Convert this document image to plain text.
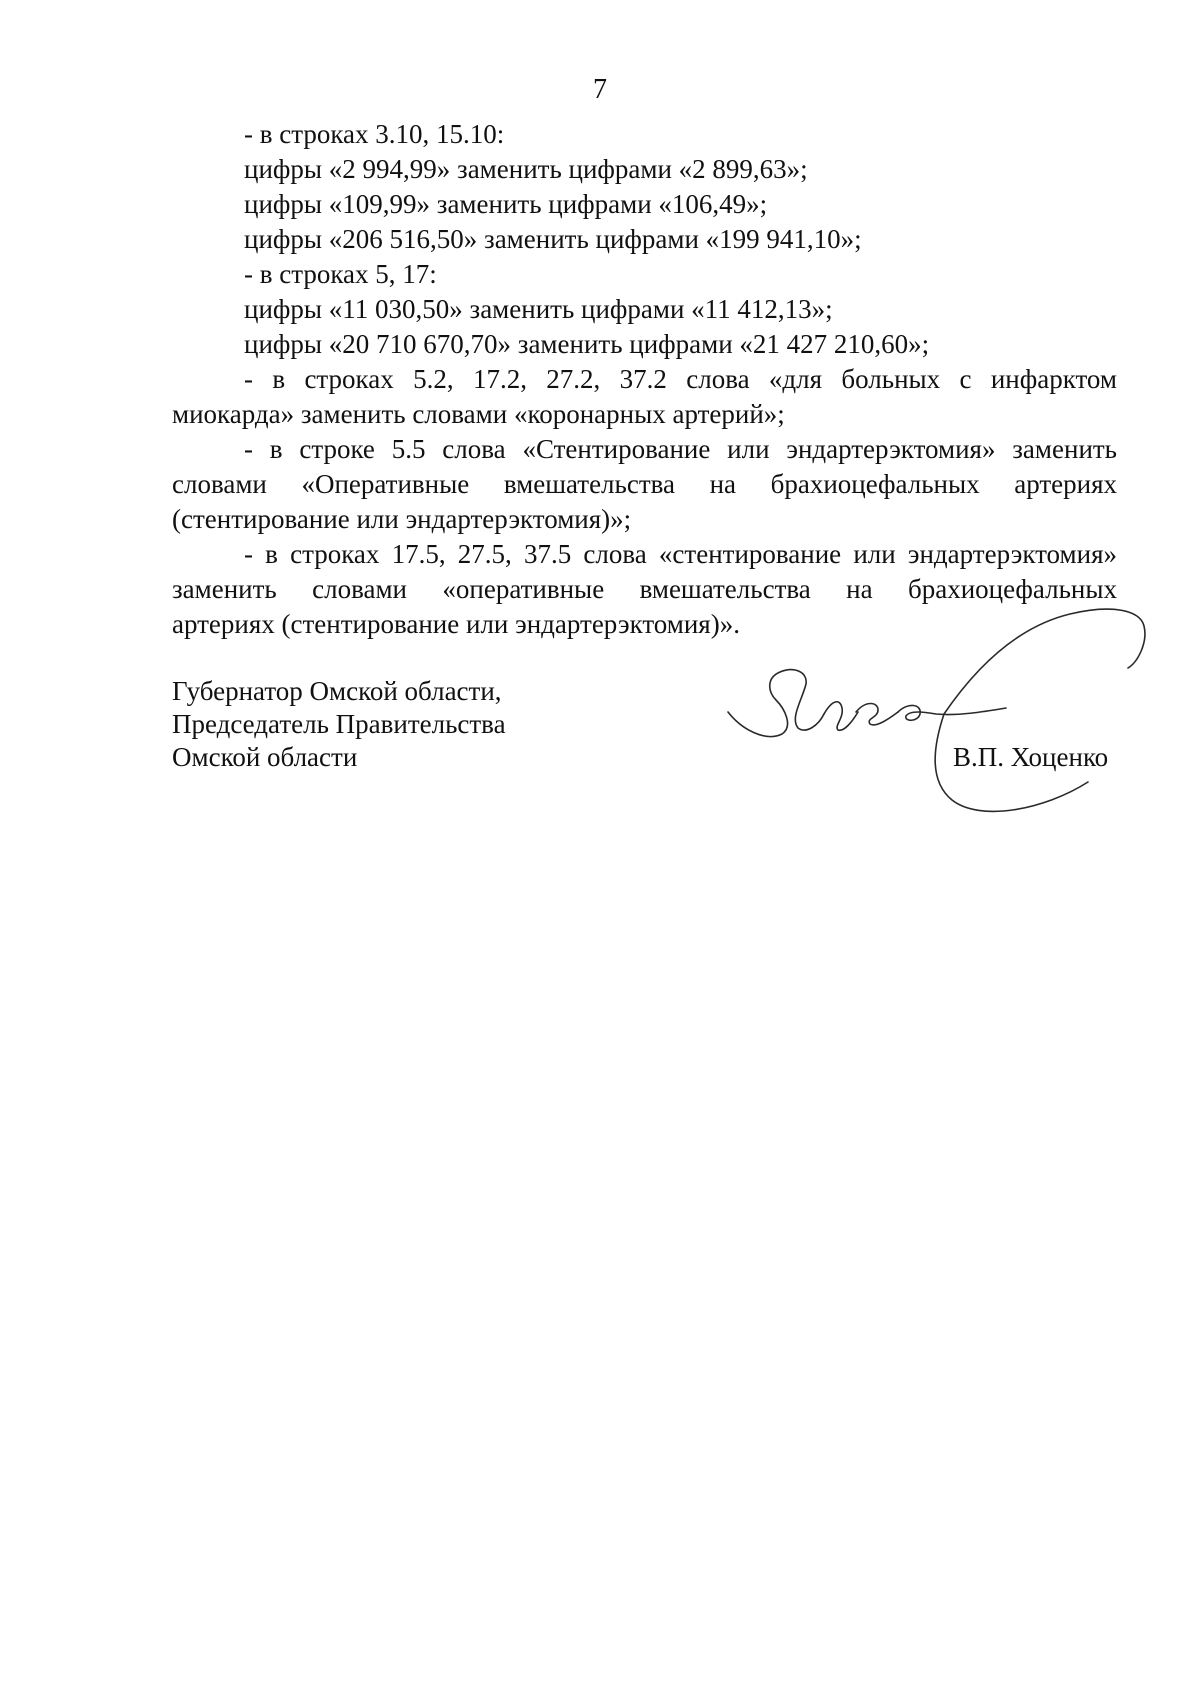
7
- в строках 3.10, 15.10:
цифры «2 994,99» заменить цифрами «2 899,63»;
цифры «109,99» заменить цифрами «106,49»;
цифры «206 516,50» заменить цифрами «199 941,10»;
- в строках 5, 17:
цифры «11 030,50» заменить цифрами «11 412,13»;
цифры «20 710 670,70» заменить цифрами «21 427 210,60»;
- в строках 5.2, 17.2, 27.2, 37.2 слова «для больных с инфарктом
миокарда» заменить словами «коронарных артерий»;
- в строке 5.5 слова «Стентирование или эндартерэктомия» заменить
словами «Оперативные вмешательства на брахиоцефальных артериях
(стентирование или эндартерэктомия)»;
- в строках 17.5, 27.5, 37.5 слова «стентирование или эндартерэктомия»
заменить словами «оперативные вмешательства на брахиоцефальных
артериях (стентирование или эндартерэктомия)».
Губернатор Омской области,
Председатель Правительства
Омской области	В.П. Хоценко
